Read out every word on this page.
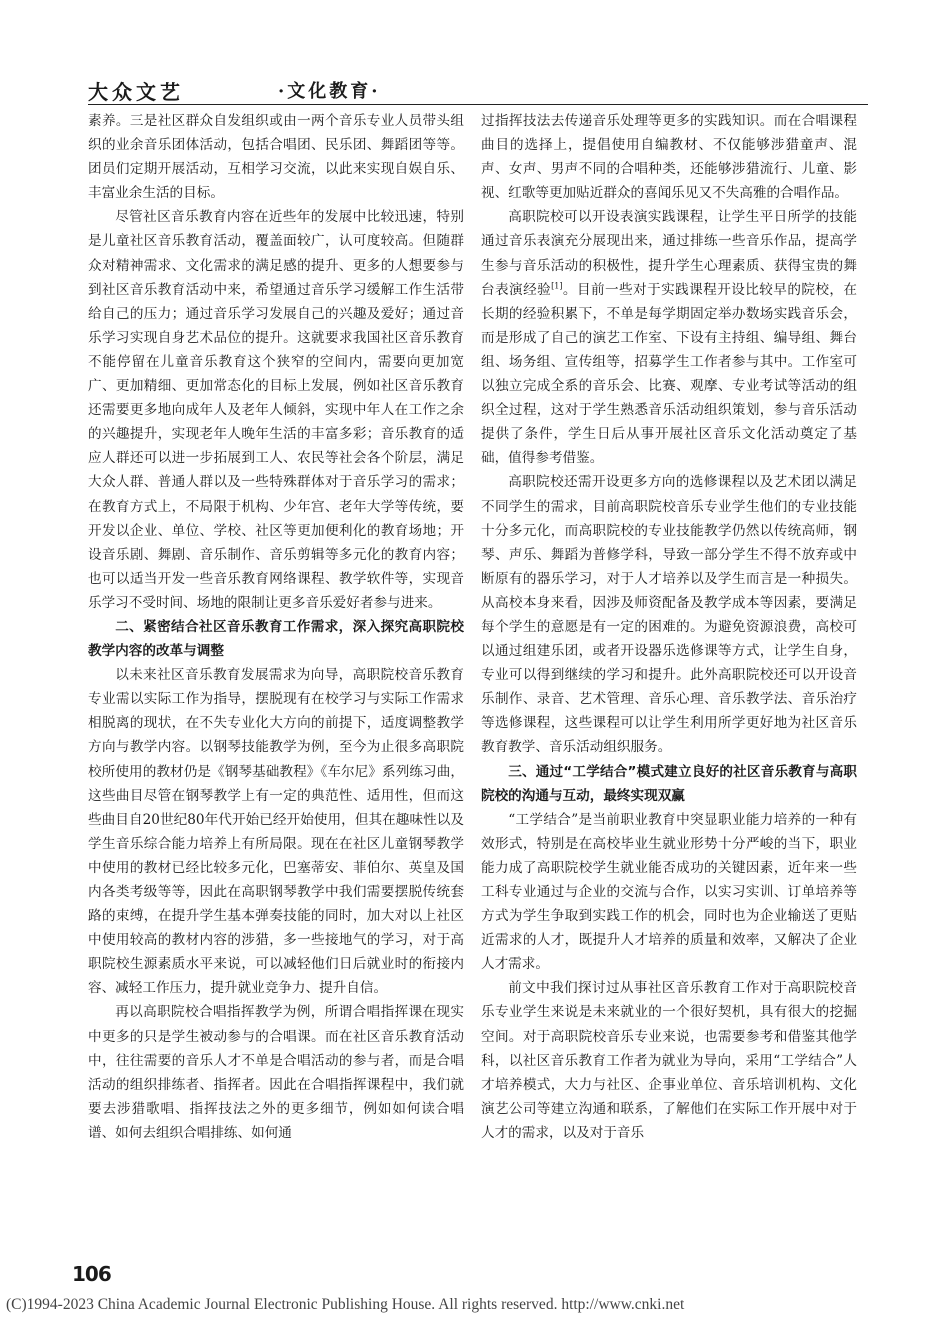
大众文艺	·文化教育·

素养。三是社区群众自发组织或由一两个音乐专业人员带头组织的业余音乐团体活动，包括合唱团、民乐团、舞蹈团等等。团员们定期开展活动，互相学习交流，以此来实现自娱自乐、丰富业余生活的目标。

尽管社区音乐教育内容在近些年的发展中比较迅速，特别是儿童社区音乐教育活动，覆盖面较广，认可度较高。但随群众对精神需求、文化需求的满足感的提升、更多的人想要参与到社区音乐教育活动中来，希望通过音乐学习缓解工作生活带给自己的压力；通过音乐学习发展自己的兴趣及爱好；通过音乐学习实现自身艺术品位的提升。这就要求我国社区音乐教育不能停留在儿童音乐教育这个狭窄的空间内，需要向更加宽广、更加精细、更加常态化的目标上发展，例如社区音乐教育还需要更多地向成年人及老年人倾斜，实现中年人在工作之余的兴趣提升，实现老年人晚年生活的丰富多彩；音乐教育的适应人群还可以进一步拓展到工人、农民等社会各个阶层，满足大众人群、普通人群以及一些特殊群体对于音乐学习的需求；在教育方式上，不局限于机构、少年宫、老年大学等传统，要开发以企业、单位、学校、社区等更加便利化的教育场地；开设音乐剧、舞剧、音乐制作、音乐剪辑等多元化的教育内容；也可以适当开发一些音乐教育网络课程、教学软件等，实现音乐学习不受时间、场地的限制让更多音乐爱好者参与进来。

二、紧密结合社区音乐教育工作需求，深入探究高职院校教学内容的改革与调整

以未来社区音乐教育发展需求为向导，高职院校音乐教育专业需以实际工作为指导，摆脱现有在校学习与实际工作需求相脱离的现状，在不失专业化大方向的前提下，适度调整教学方向与教学内容。以钢琴技能教学为例，至今为止很多高职院校所使用的教材仍是《钢琴基础教程》《车尔尼》系列练习曲，这些曲目尽管在钢琴教学上有一定的典范性、适用性，但而这些曲目自20世纪80年代开始已经开始使用，但其在趣味性以及学生音乐综合能力培养上有所局限。现在在社区儿童钢琴教学中使用的教材已经比较多元化，巴塞蒂安、菲伯尔、英皇及国内各类考级等等，因此在高职钢琴教学中我们需要摆脱传统套路的束缚，在提升学生基本弹奏技能的同时，加大对以上社区中使用较高的教材内容的涉猎，多一些接地气的学习，对于高职院校生源素质水平来说，可以减轻他们日后就业时的衔接内容、减轻工作压力，提升就业竞争力、提升自信。

再以高职院校合唱指挥教学为例，所谓合唱指挥课在现实中更多的只是学生被动参与的合唱课。而在社区音乐教育活动中，往往需要的音乐人才不单是合唱活动的参与者，而是合唱活动的组织排练者、指挥者。因此在合唱指挥课程中，我们就要去涉猎歌唱、指挥技法之外的更多细节，例如如何读合唱谱、如何去组织合唱排练、如何通

过指挥技法去传递音乐处理等更多的实践知识。而在合唱课程曲目的选择上，提倡使用自编教材、不仅能够涉猎童声、混声、女声、男声不同的合唱种类，还能够涉猎流行、儿童、影视、红歌等更加贴近群众的喜闻乐见又不失高雅的合唱作品。

高职院校可以开设表演实践课程，让学生平日所学的技能通过音乐表演充分展现出来，通过排练一些音乐作品，提高学生参与音乐活动的积极性，提升学生心理素质、获得宝贵的舞台表演经验[1]。目前一些对于实践课程开设比较早的院校，在长期的经验积累下，不单是每学期固定举办数场实践音乐会，而是形成了自己的演艺工作室、下设有主持组、编导组、舞台组、场务组、宣传组等，招募学生工作者参与其中。工作室可以独立完成全系的音乐会、比赛、观摩、专业考试等活动的组织全过程，这对于学生熟悉音乐活动组织策划，参与音乐活动提供了条件，学生日后从事开展社区音乐文化活动奠定了基础，值得参考借鉴。

高职院校还需开设更多方向的选修课程以及艺术团以满足不同学生的需求，目前高职院校音乐专业学生他们的专业技能十分多元化，而高职院校的专业技能教学仍然以传统高师，钢琴、声乐、舞蹈为普修学科，导致一部分学生不得不放弃或中断原有的器乐学习，对于人才培养以及学生而言是一种损失。从高校本身来看，因涉及师资配备及教学成本等因素，要满足每个学生的意愿是有一定的困难的。为避免资源浪费，高校可以通过组建乐团，或者开设器乐选修课等方式，让学生自身，专业可以得到继续的学习和提升。此外高职院校还可以开设音乐制作、录音、艺术管理、音乐心理、音乐教学法、音乐治疗等选修课程，这些课程可以让学生利用所学更好地为社区音乐教育教学、音乐活动组织服务。

三、通过“工学结合”模式建立良好的社区音乐教育与高职院校的沟通与互动，最终实现双赢

“工学结合”是当前职业教育中突显职业能力培养的一种有效形式，特别是在高校毕业生就业形势十分严峻的当下，职业能力成了高职院校学生就业能否成功的关键因素，近年来一些工科专业通过与企业的交流与合作，以实习实训、订单培养等方式为学生争取到实践工作的机会，同时也为企业输送了更贴近需求的人才，既提升人才培养的质量和效率，又解决了企业人才需求。

前文中我们探讨过从事社区音乐教育工作对于高职院校音乐专业学生来说是未来就业的一个很好契机，具有很大的挖掘空间。对于高职院校音乐专业来说，也需要参考和借鉴其他学科，以社区音乐教育工作者为就业为导向，采用“工学结合”人才培养模式，大力与社区、企事业单位、音乐培训机构、文化演艺公司等建立沟通和联系，了解他们在实际工作开展中对于人才的需求，以及对于音乐

106
(C)1994-2023 China Academic Journal Electronic Publishing House. All rights reserved. http://www.cnki.net
